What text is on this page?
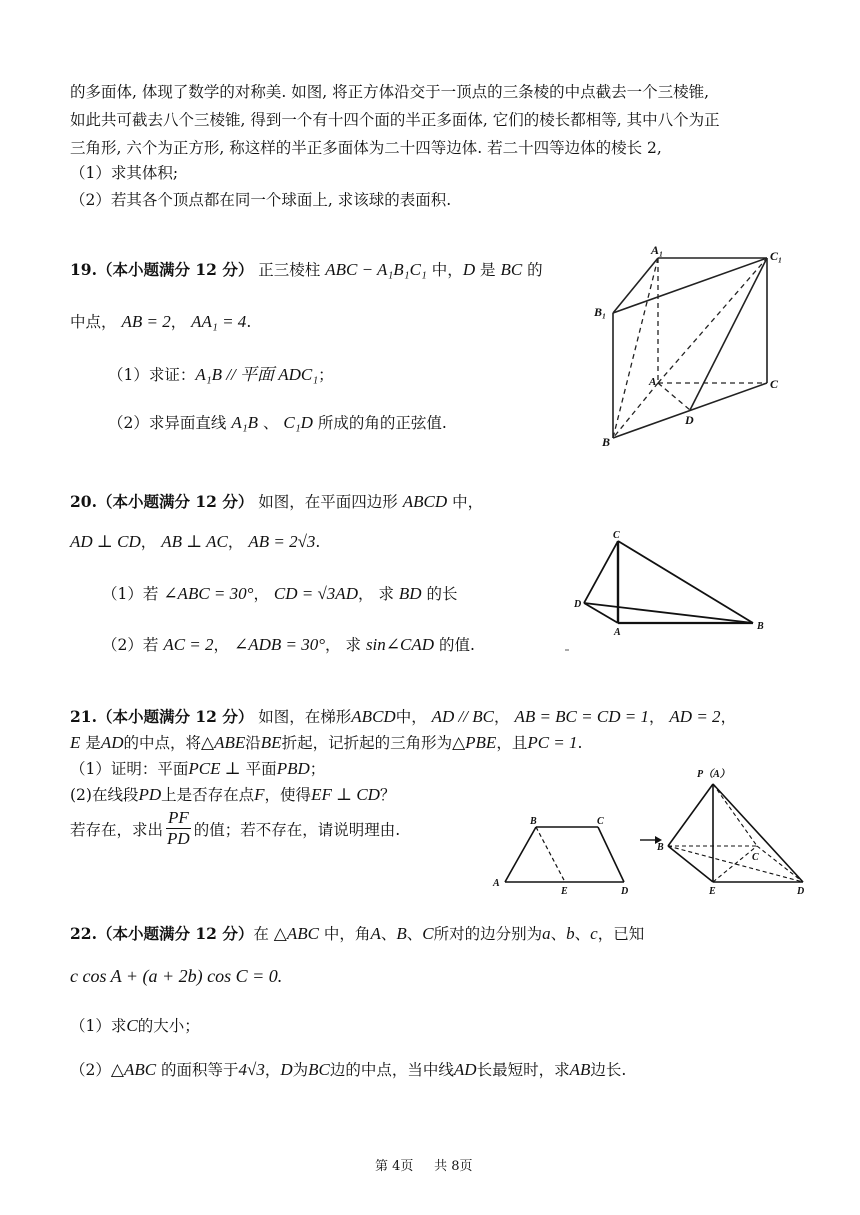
的多面体, 体现了数学的对称美. 如图, 将正方体沿交于一顶点的三条棱的中点截去一个三棱锥,
如此共可截去八个三棱锥, 得到一个有十四个面的半正多面体, 它们的棱长都相等, 其中八个为正
三角形, 六个为正方形, 称这样的半正多面体为二十四等边体. 若二十四等边体的棱长 2,
（1）求其体积;
（2）若其各个顶点都在同一个球面上, 求该球的表面积.
19.（本小题满分 12 分） 正三棱柱 ABC − A₁B₁C₁ 中，D 是 BC 的
中点， AB = 2， AA₁ = 4.
（1）求证：A₁B // 平面 ADC₁；
（2）求异面直线 A₁B 、 C₁D 所成的角的正弦值.
A₁	C₁
B₁
A	C
B
D
20.（本小题满分 12 分） 如图，在平面四边形 ABCD 中，
AD ⊥ CD， AB ⊥ AC， AB = 2√3.
（1）若 ∠ABC = 30°， CD = √3AD， 求 BD 的长
（2）若 AC = 2， ∠ADB = 30°， 求 sin∠CAD 的值.
C
D
A
B
21.（本小题满分 12 分） 如图，在梯形ABCD中， AD // BC， AB = BC = CD = 1， AD = 2，
E 是AD的中点，将△ABE沿BE折起，记折起的三角形为△PBE，且PC = 1.
（1）证明：平面PCE ⊥ 平面PBD；
(2)在线段PD上是否存在点F，使得EF ⊥ CD？
若存在，求出
PF
PD 的值；若不存在，请说明理由.	B	C
A
E	D
P（A）
B
C
E	D
22.（本小题满分 12 分）在 △ABC 中，角A、B、C所对的边分别为a、b、c，已知
c cos A + (a + 2b) cos C = 0.
（1）求C的大小；
（2）△ABC 的面积等于4√3，D为BC边的中点，当中线AD长最短时，求AB边长.
第 4页 共 8页
